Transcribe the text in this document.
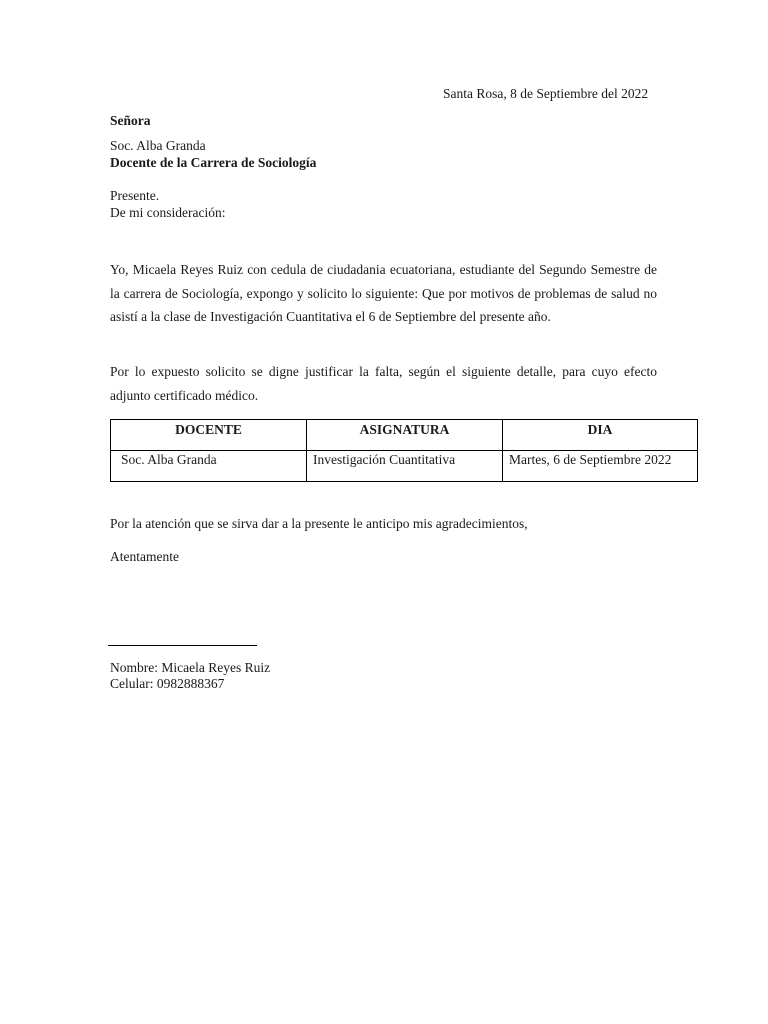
Santa Rosa, 8 de Septiembre del 2022
Señora
Soc. Alba Granda
Docente de la Carrera de Sociología
Presente.
De mi consideración:

Yo, Micaela Reyes Ruiz con cedula de ciudadania ecuatoriana, estudiante del Segundo Semestre de la carrera de Sociología, expongo y solicito lo siguiente: Que por motivos de problemas de salud no asistí a la clase de Investigación Cuantitativa el 6 de Septiembre del presente año.

Por lo expuesto solicito se digne justificar la falta, según el siguiente detalle, para cuyo efecto adjunto certificado médico.

DOCENTE	ASIGNATURA	DIA
Soc. Alba Granda	Investigación Cuantitativa	Martes, 6 de Septiembre 2022
Por la atención que se sirva dar a la presente le anticipo mis agradecimientos,
Atentamente
Nombre: Micaela Reyes Ruiz
Celular: 0982888367
